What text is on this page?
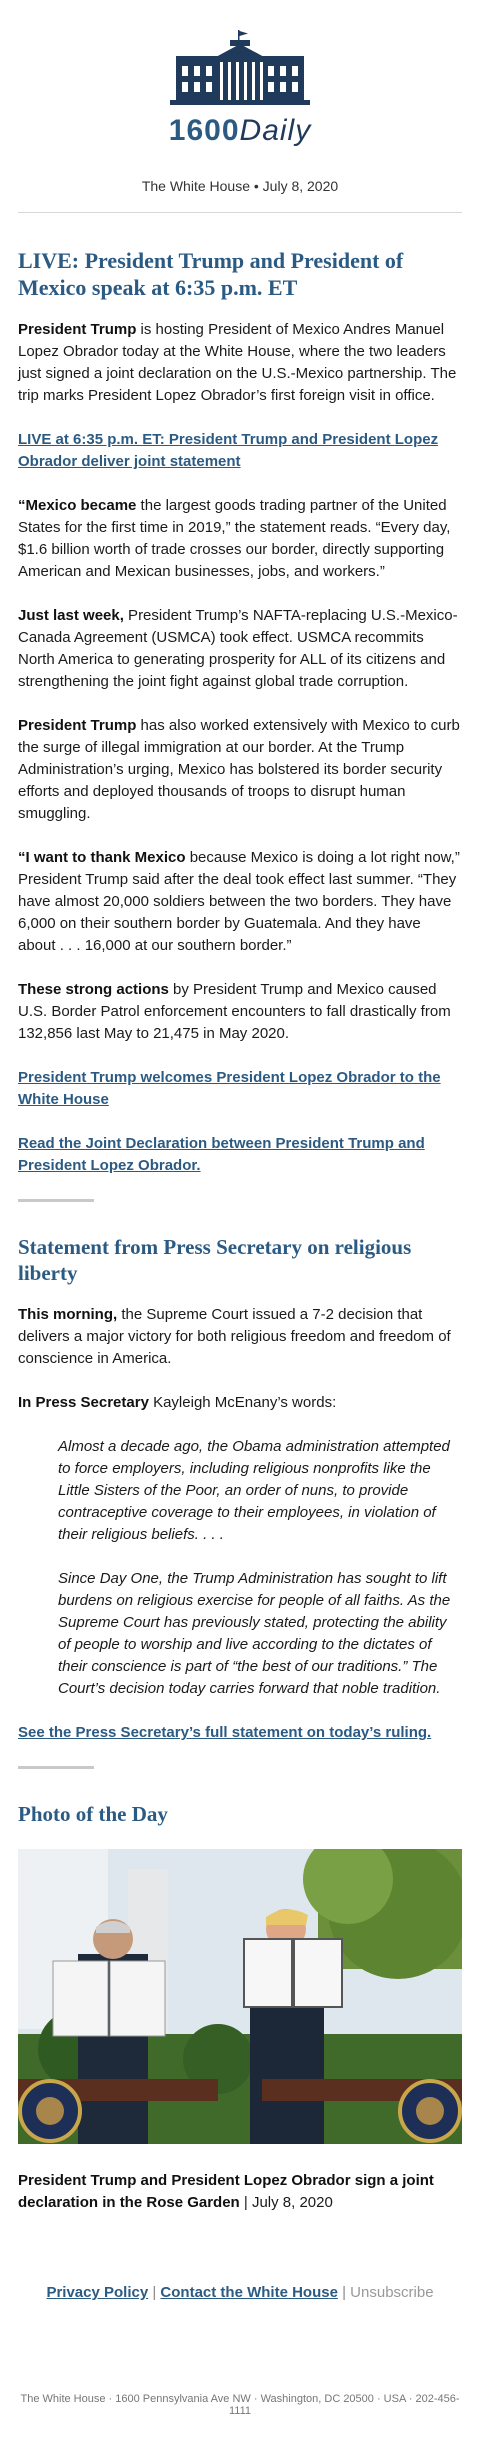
1600Daily
The White House • July 8, 2020
LIVE: President Trump and President of Mexico speak at 6:35 p.m. ET

President Trump is hosting President of Mexico Andres Manuel Lopez Obrador today at the White House, where the two leaders just signed a joint declaration on the U.S.-Mexico partnership. The trip marks President Lopez Obrador’s first foreign visit in office.

LIVE at 6:35 p.m. ET: President Trump and President Lopez Obrador deliver joint statement

“Mexico became the largest goods trading partner of the United States for the first time in 2019,” the statement reads. “Every day, $1.6 billion worth of trade crosses our border, directly supporting American and Mexican businesses, jobs, and workers.”

Just last week, President Trump’s NAFTA-replacing U.S.-Mexico-Canada Agreement (USMCA) took effect. USMCA recommits North America to generating prosperity for ALL of its citizens and strengthening the joint fight against global trade corruption.

President Trump has also worked extensively with Mexico to curb the surge of illegal immigration at our border. At the Trump Administration’s urging, Mexico has bolstered its border security efforts and deployed thousands of troops to disrupt human smuggling.

“I want to thank Mexico because Mexico is doing a lot right now,” President Trump said after the deal took effect last summer. “They have almost 20,000 soldiers between the two borders. They have 6,000 on their southern border by Guatemala. And they have about . . . 16,000 at our southern border.”

These strong actions by President Trump and Mexico caused U.S. Border Patrol enforcement encounters to fall drastically from 132,856 last May to 21,475 in May 2020.

President Trump welcomes President Lopez Obrador to the White House
Read the Joint Declaration between President Trump and President Lopez Obrador.
Statement from Press Secretary on religious liberty

This morning, the Supreme Court issued a 7-2 decision that delivers a major victory for both religious freedom and freedom of conscience in America.

In Press Secretary Kayleigh McEnany’s words:

Almost a decade ago, the Obama administration attempted to force employers, including religious nonprofits like the Little Sisters of the Poor, an order of nuns, to provide contraceptive coverage to their employees, in violation of their religious beliefs. . . .

Since Day One, the Trump Administration has sought to lift burdens on religious exercise for people of all faiths. As the Supreme Court has previously stated, protecting the ability of people to worship and live according to the dictates of their conscience is part of “the best of our traditions.” The Court’s decision today carries forward that noble tradition.

See the Press Secretary’s full statement on today’s ruling.
Photo of the Day

President Trump and President Lopez Obrador sign a joint declaration in the Rose Garden | July 8, 2020

Privacy Policy | Contact the White House | Unsubscribe
The White House · 1600 Pennsylvania Ave NW · Washington, DC 20500 · USA · 202-456-1111
